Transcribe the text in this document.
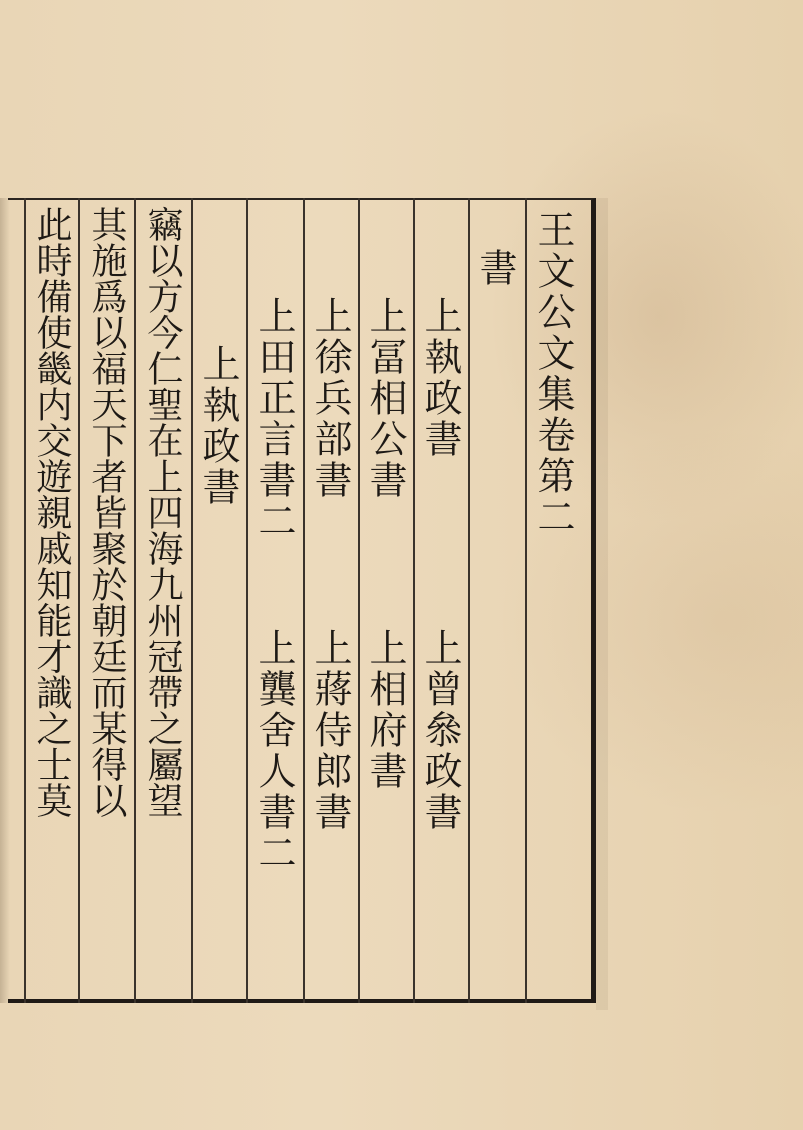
王文公文集卷第二
書
上執政書
上曾叅政書
上冨相公書
上相府書
上徐兵部書
上蔣侍郎書
上田正言書二
上龔舍人書二
上執政書
竊以方今仁聖在上四海九州冠帶之屬望
其施爲以福天下者皆聚於朝廷而某得以
此時備使畿内交遊親戚知能才識之士莫
